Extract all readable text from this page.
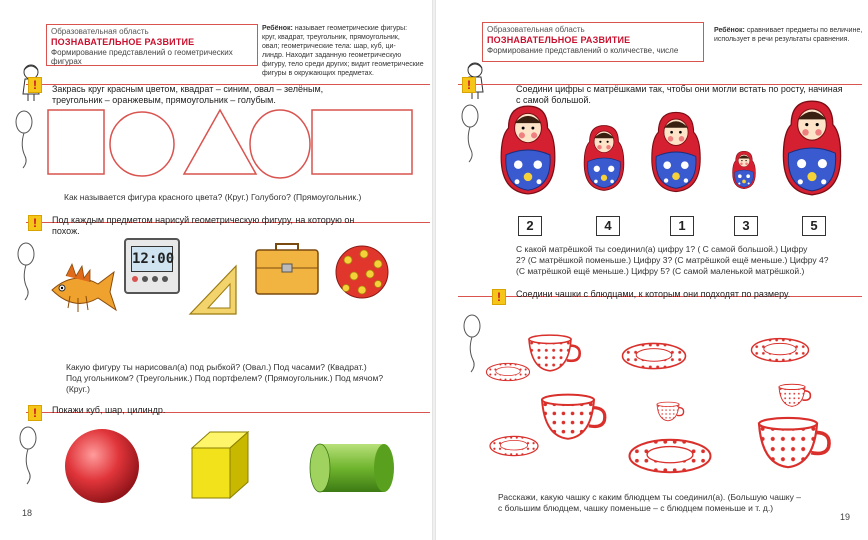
Образовательная область
ПОЗНАВАТЕЛЬНОЕ РАЗВИТИЕ
Формирование представлений о геометрических фигурах
Ребёнок: называет геометрические фигуры:
круг, квадрат, треугольник, прямоугольник,
овал; геометрические тела: шар, куб, ци-
линдр. Находит заданную геометрическую
фигуру, тело среди других; видит геометрические
фигуры в окружающих предметах.
!	Закрась круг красным цветом, квадрат – синим, овал – зелёным,
треугольник – оранжевым, прямоугольник – голубым.
Как называется фигура красного цвета? (Круг.) Голубого? (Прямоугольник.)
!	Под каждым предметом нарисуй геометрическую фигуру, на которую он
похож.
12:00
Какую фигуру ты нарисовал(а) под рыбкой? (Овал.) Под часами? (Квадрат.)
Под угольником? (Треугольник.) Под портфелем? (Прямоугольник.) Под мячом?
(Круг.)
!	Покажи куб, шар, цилиндр.
18
Образовательная область
ПОЗНАВАТЕЛЬНОЕ РАЗВИТИЕ
Формирование представлений о количестве, числе
Ребёнок: сравнивает предметы по величине,
использует в речи результаты сравнения.
!	Соедини цифры с матрёшками так, чтобы они могли встать по росту, начиная
с самой большой.
2	4	1	3	5
С какой матрёшкой ты соединил(а) цифру 1? ( С самой большой.) Цифру
2? (С матрёшкой поменьше.) Цифру 3? (С матрёшкой ещё меньше.) Цифру 4?
(С матрёшкой ещё меньше.) Цифру 5? (С самой маленькой матрёшкой.)
!	Соедини чашки с блюдцами, к которым они подходят по размеру.
Расскажи, какую чашку с каким блюдцем ты соединил(а). (Большую чашку –
с большим блюдцем, чашку поменьше – с блюдцем поменьше и т. д.)
19
